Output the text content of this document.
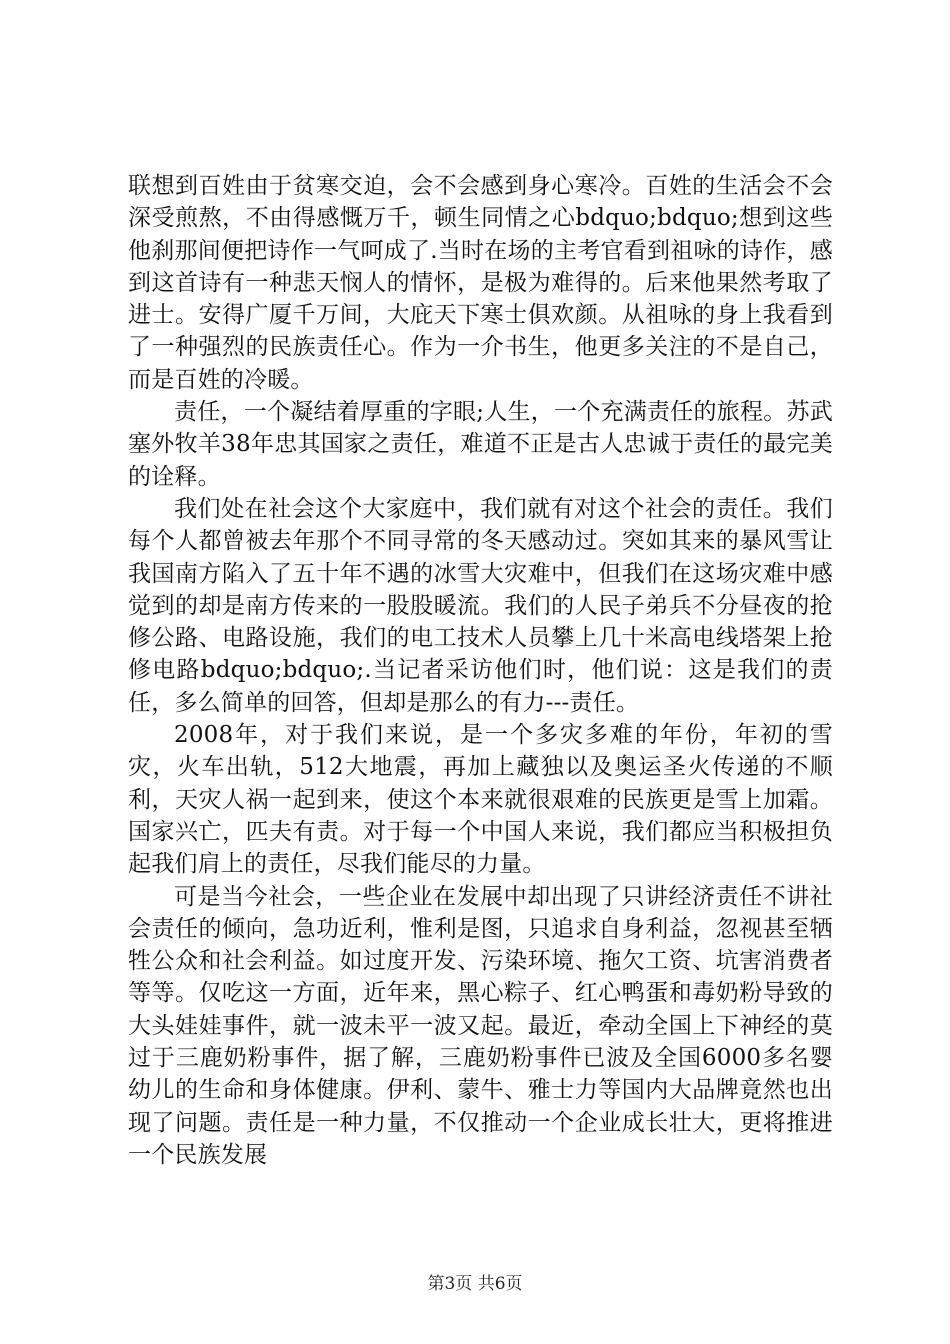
联想到百姓由于贫寒交迫，会不会感到身心寒冷。百姓的生活会不会深受煎熬，不由得感慨万千，顿生同情之心bdquo;bdquo;想到这些他刹那间便把诗作一气呵成了.当时在场的主考官看到祖咏的诗作，感到这首诗有一种悲天悯人的情怀，是极为难得的。后来他果然考取了进士。安得广厦千万间，大庇天下寒士俱欢颜。从祖咏的身上我看到了一种强烈的民族责任心。作为一介书生，他更多关注的不是自己，而是百姓的冷暖。

责任，一个凝结着厚重的字眼;人生，一个充满责任的旅程。苏武塞外牧羊38年忠其国家之责任，难道不正是古人忠诚于责任的最完美的诠释。

我们处在社会这个大家庭中，我们就有对这个社会的责任。我们每个人都曾被去年那个不同寻常的冬天感动过。突如其来的暴风雪让我国南方陷入了五十年不遇的冰雪大灾难中，但我们在这场灾难中感觉到的却是南方传来的一股股暖流。我们的人民子弟兵不分昼夜的抢修公路、电路设施，我们的电工技术人员攀上几十米高电线塔架上抢修电路bdquo;bdquo;.当记者采访他们时，他们说：这是我们的责任，多么简单的回答，但却是那么的有力---责任。

2008年，对于我们来说，是一个多灾多难的年份，年初的雪灾，火车出轨，512大地震，再加上藏独以及奥运圣火传递的不顺利，天灾人祸一起到来，使这个本来就很艰难的民族更是雪上加霜。国家兴亡，匹夫有责。对于每一个中国人来说，我们都应当积极担负起我们肩上的责任，尽我们能尽的力量。

可是当今社会，一些企业在发展中却出现了只讲经济责任不讲社会责任的倾向，急功近利，惟利是图，只追求自身利益，忽视甚至牺牲公众和社会利益。如过度开发、污染环境、拖欠工资、坑害消费者等等。仅吃这一方面，近年来，黑心粽子、红心鸭蛋和毒奶粉导致的大头娃娃事件，就一波未平一波又起。最近，牵动全国上下神经的莫过于三鹿奶粉事件，据了解，三鹿奶粉事件已波及全国6000多名婴幼儿的生命和身体健康。伊利、蒙牛、雅士力等国内大品牌竟然也出现了问题。责任是一种力量，不仅推动一个企业成长壮大，更将推进一个民族发展

第3页 共6页
